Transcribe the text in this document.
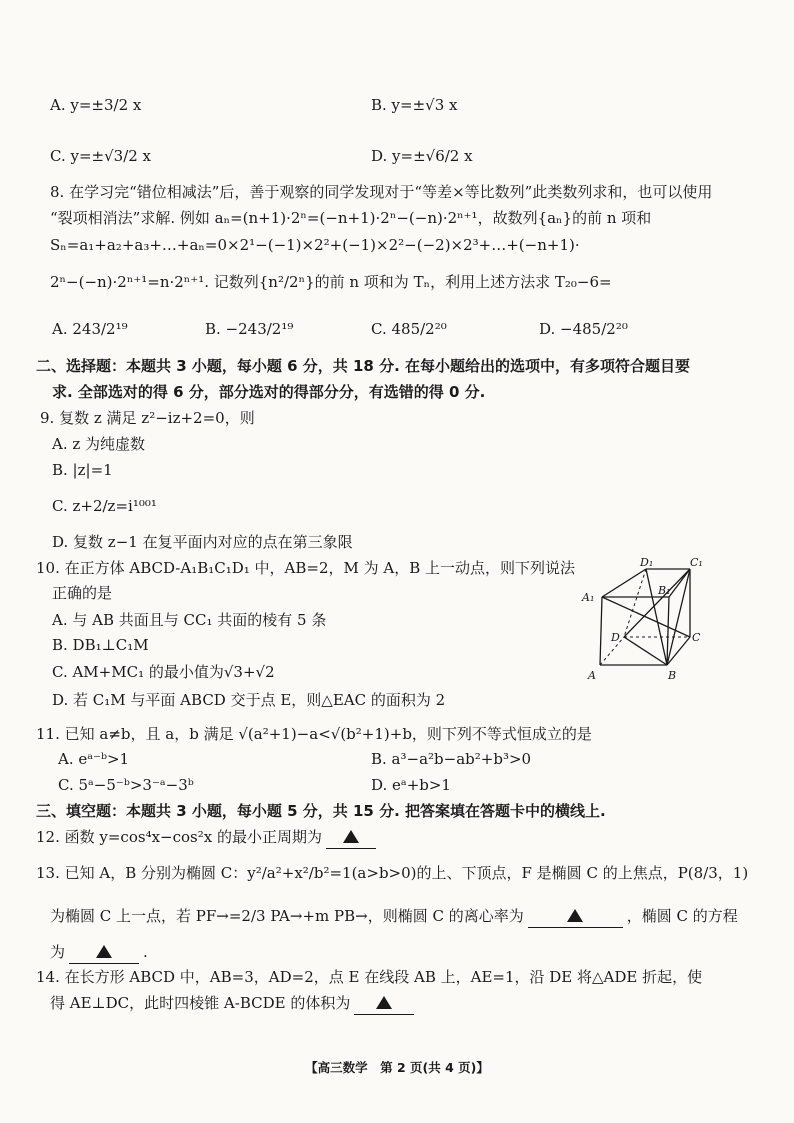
A. y=±3/2 x	B. y=±√3 x
C. y=±√3/2 x	D. y=±√6/2 x
8. 在学习完“错位相减法”后，善于观察的同学发现对于“等差×等比数列”此类数列求和，也可以使用
“裂项相消法”求解. 例如 aₙ=(n+1)·2ⁿ=(−n+1)·2ⁿ−(−n)·2ⁿ⁺¹，故数列{aₙ}的前 n 项和
Sₙ=a₁+a₂+a₃+…+aₙ=0×2¹−(−1)×2²+(−1)×2²−(−2)×2³+…+(−n+1)·
2ⁿ−(−n)·2ⁿ⁺¹=n·2ⁿ⁺¹. 记数列{n²/2ⁿ}的前 n 项和为 Tₙ，利用上述方法求 T₂₀−6=
A. 243/2¹⁹	B. −243/2¹⁹	C. 485/2²⁰	D. −485/2²⁰
二、选择题：本题共 3 小题，每小题 6 分，共 18 分. 在每小题给出的选项中，有多项符合题目要
求. 全部选对的得 6 分，部分选对的得部分分，有选错的得 0 分.
9. 复数 z 满足 z²−iz+2=0，则
A. z 为纯虚数
B. |z|=1
C. z+2/z=i¹⁰⁰¹
D. 复数 z−1 在复平面内对应的点在第三象限
10. 在正方体 ABCD-A₁B₁C₁D₁ 中，AB=2，M 为 A，B 上一动点，则下列说法
正确的是
A. 与 AB 共面且与 CC₁ 共面的棱有 5 条
B. DB₁⊥C₁M
C. AM+MC₁ 的最小值为√3+√2
D. 若 C₁M 与平面 ABCD 交于点 E，则△EAC 的面积为 2
D₁	C₁
A₁
B₁
D	C
A	B
11. 已知 a≠b，且 a，b 满足 √(a²+1)−a<√(b²+1)+b，则下列不等式恒成立的是
A. eᵃ⁻ᵇ>1	B. a³−a²b−ab²+b³>0
C. 5ᵃ−5⁻ᵇ>3⁻ᵃ−3ᵇ	D. eᵃ+b>1
三、填空题：本题共 3 小题，每小题 5 分，共 15 分. 把答案填在答题卡中的横线上.
12. 函数 y=cos⁴x−cos²x 的最小正周期为
13. 已知 A，B 分别为椭圆 C：y²/a²+x²/b²=1(a>b>0)的上、下顶点，F 是椭圆 C 的上焦点，P(8/3，1)
为椭圆 C 上一点，若 PF→=2/3 PA→+m PB→，则椭圆 C 的离心率为	，椭圆 C 的方程
为	.
14. 在长方形 ABCD 中，AB=3，AD=2，点 E 在线段 AB 上，AE=1，沿 DE 将△ADE 折起，使
得 AE⊥DC，此时四棱锥 A-BCDE 的体积为
【高三数学　第 2 页(共 4 页)】
